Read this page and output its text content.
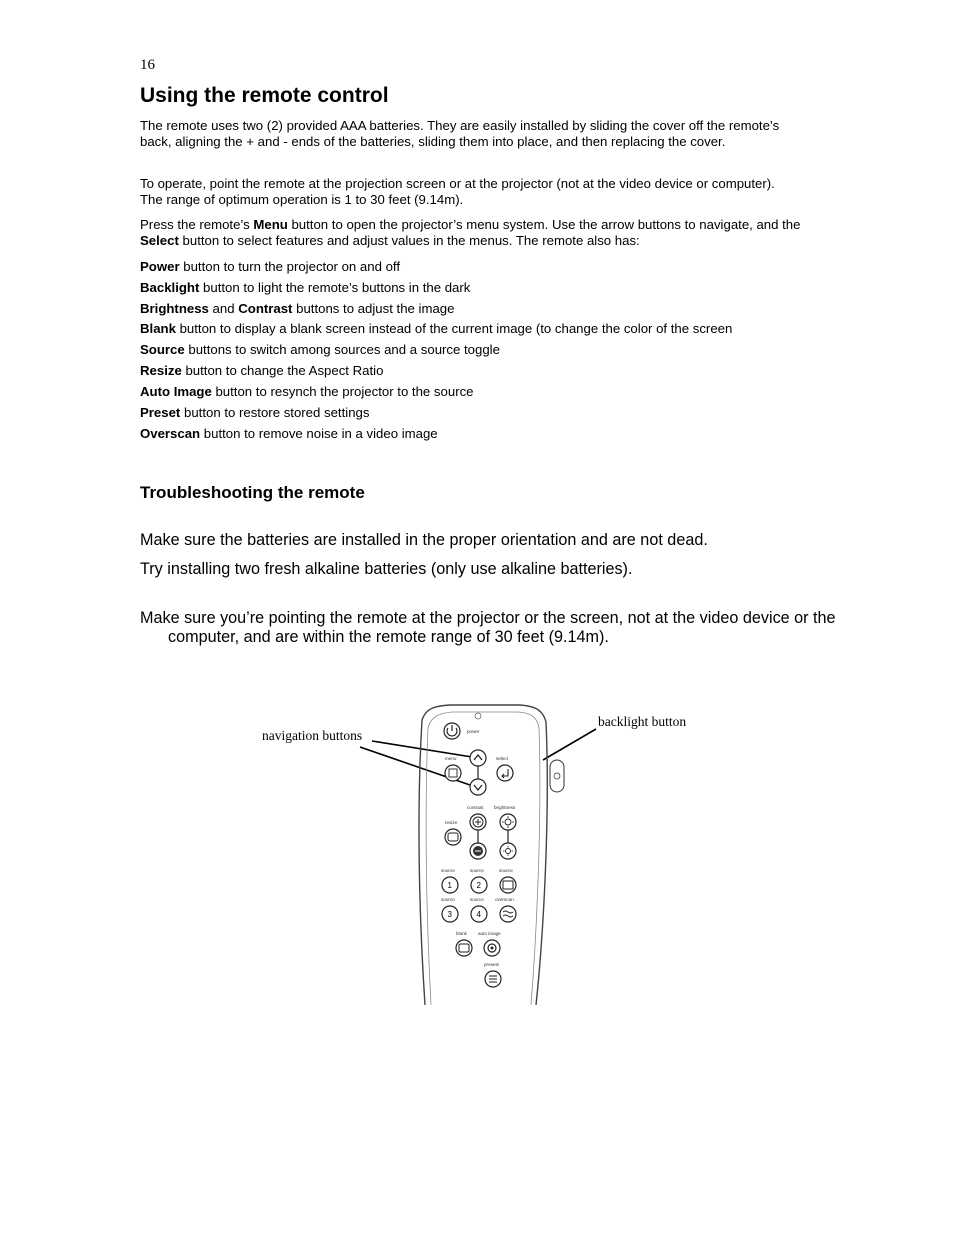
16
Using the remote control

The remote uses two (2) provided AAA batteries. They are easily installed by sliding the cover off the remote’s back, aligning the + and - ends of the batteries, sliding them into place, and then replacing the cover.

To operate, point the remote at the projection screen or at the projector (not at the video device or computer). The range of optimum operation is 1 to 30 feet (9.14m).

Press the remote’s Menu button to open the projector’s menu system. Use the arrow buttons to navigate, and the Select button to select features and adjust values in the menus. The remote also has:

Power button to turn the projector on and off

Backlight button to light the remote’s buttons in the dark

Brightness and Contrast buttons to adjust the image

Blank button to display a blank screen instead of the current image (to change the color of the screen

Source buttons to switch among sources and a source toggle

Resize button to change the Aspect Ratio

Auto Image button to resynch the projector to the source

Preset button to restore stored settings

Overscan button to remove noise in a video image

Troubleshooting the remote

Make sure the batteries are installed in the proper orientation and are not dead.

Try installing two fresh alkaline batteries (only use alkaline batteries).

Make sure you’re pointing the remote at the projector or the screen, not at the video device or the computer, and are within the remote range of 30 feet (9.14m).

navigation buttons
backlight button
power
menu	select
contrast brightness
resize
source	source	source
1	2
source	source overscan
3	4
blank auto image
presets
